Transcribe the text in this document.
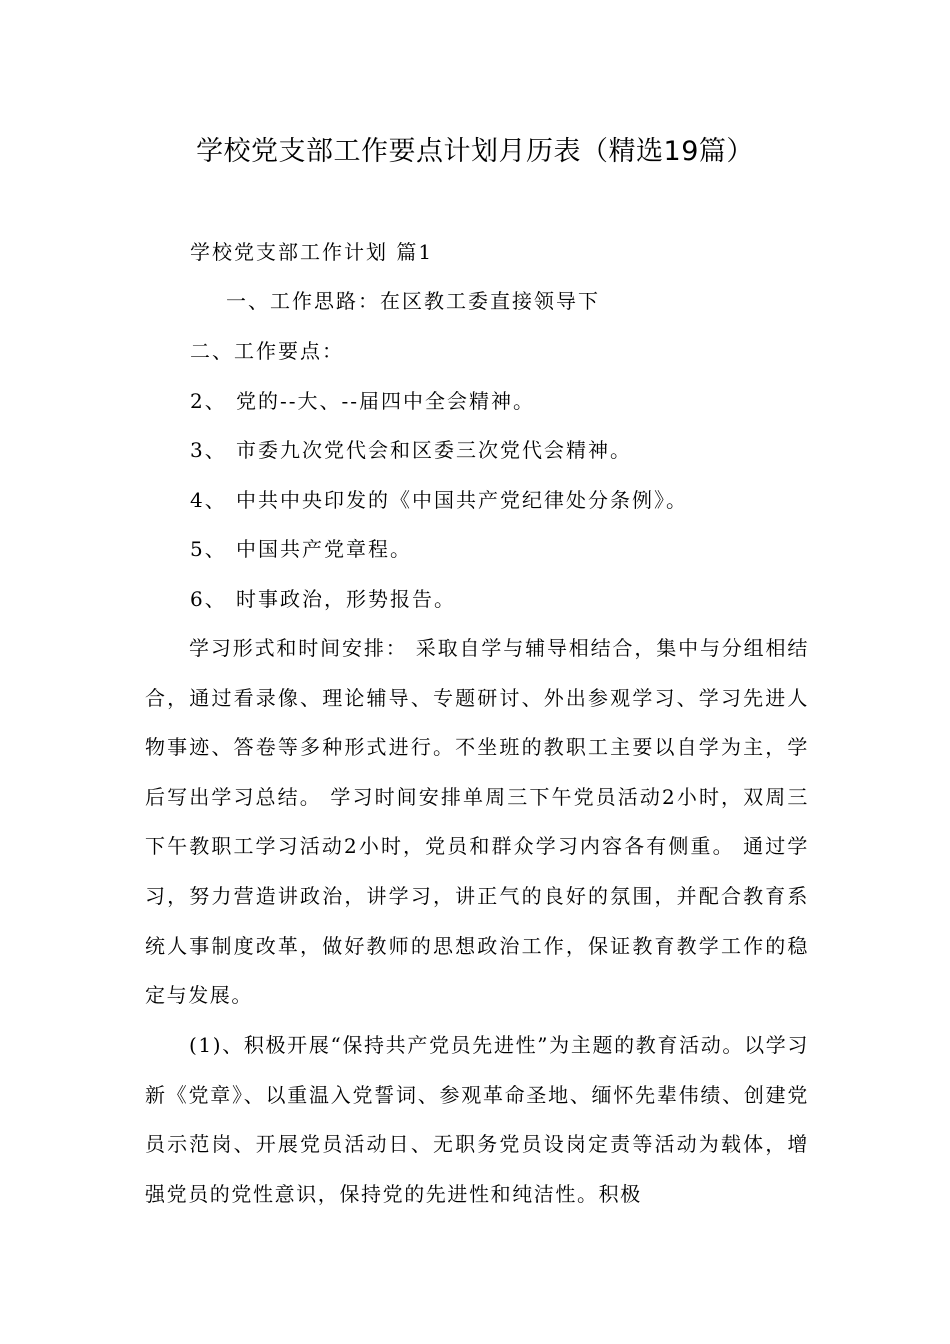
学校党支部工作要点计划月历表（精选19篇）
学校党支部工作计划 篇1
一、工作思路：在区教工委直接领导下
二、工作要点：
2、 党的--大、--届四中全会精神。
3、 市委九次党代会和区委三次党代会精神。
4、 中共中央印发的《中国共产党纪律处分条例》。
5、 中国共产党章程。
6、 时事政治，形势报告。

学习形式和时间安排： 采取自学与辅导相结合，集中与分组相结合，通过看录像、理论辅导、专题研讨、外出参观学习、学习先进人物事迹、答卷等多种形式进行。不坐班的教职工主要以自学为主，学后写出学习总结。 学习时间安排单周三下午党员活动2小时，双周三下午教职工学习活动2小时，党员和群众学习内容各有侧重。 通过学习，努力营造讲政治，讲学习，讲正气的良好的氛围，并配合教育系统人事制度改革，做好教师的思想政治工作，保证教育教学工作的稳定与发展。

(1)、积极开展“保持共产党员先进性”为主题的教育活动。以学习新《党章》、以重温入党誓词、参观革命圣地、缅怀先辈伟绩、创建党员示范岗、开展党员活动日、无职务党员设岗定责等活动为载体，增强党员的党性意识，保持党的先进性和纯洁性。积极
